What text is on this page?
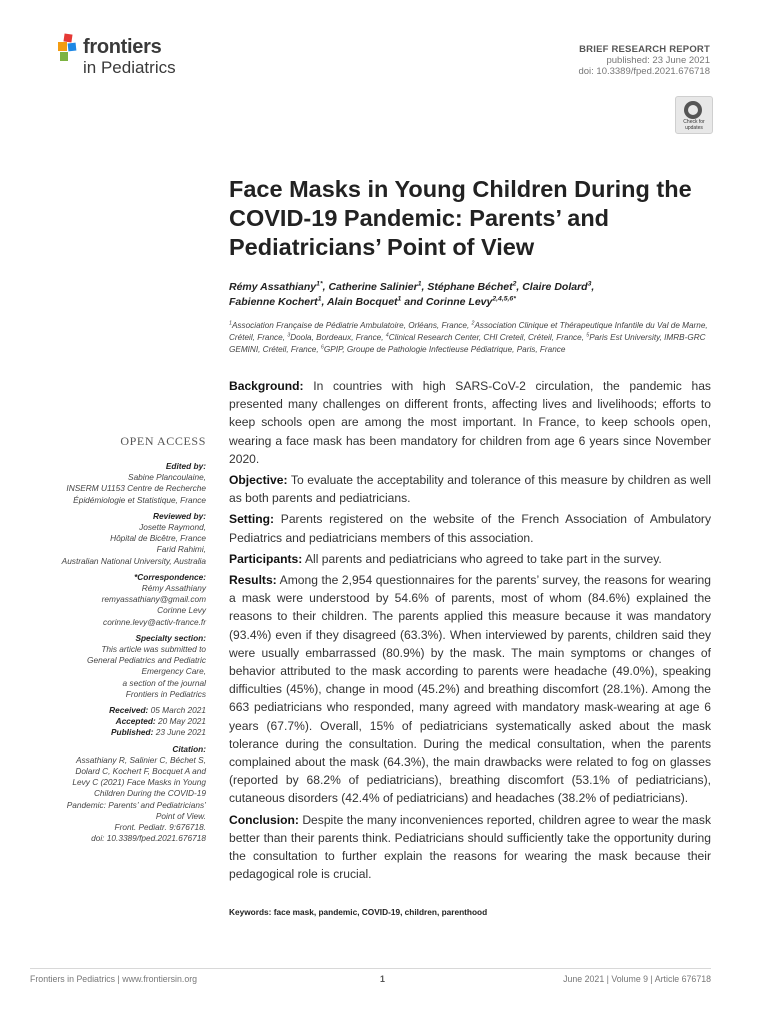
frontiers
in Pediatrics
BRIEF RESEARCH REPORT
published: 23 June 2021
doi: 10.3389/fped.2021.676718
Check for
updates
Face Masks in Young Children During the COVID-19 Pandemic: Parents’ and Pediatricians’ Point of View
Rémy Assathiany$^{1*}$, Catherine Salinier$^1$, Stéphane Béchet$^2$, Claire Dolard$^3$,
Fabienne Kochert$^1$, Alain Bocquet$^1$ and Corinne Levy$^{2,4,5,6*}$
$^1$Association Française de Pédiatrie Ambulatoire, Orléans, France, $^2$Association Clinique et Thérapeutique Infantile du Val de Marne, Créteil, France, $^3$Doola, Bordeaux, France, $^4$Clinical Research Center, CHI Creteil, Créteil, France, $^5$Paris Est University, IMRB-GRC GEMINI, Créteil, France, $^6$GPIP, Groupe de Pathologie Infectieuse Pédiatrique, Paris, France
OPEN ACCESS
Edited by:
Sabine Plancoulaine,
INSERM U1153 Centre de Recherche
Épidémiologie et Statistique, France
Reviewed by:
Josette Raymond,
Hôpital de Bicêtre, France
Farid Rahimi,
Australian National University, Australia
*Correspondence:
Rémy Assathiany
remyassathiany@gmail.com
Corinne Levy
corinne.levy@activ-france.fr
Specialty section:
This article was submitted to
General Pediatrics and Pediatric
Emergency Care,
a section of the journal
Frontiers in Pediatrics
Received: 05 March 2021
Accepted: 20 May 2021
Published: 23 June 2021
Citation:
Assathiany R, Salinier C, Béchet S,
Dolard C, Kochert F, Bocquet A and
Levy C (2021) Face Masks in Young
Children During the COVID-19
Pandemic: Parents’ and Pediatricians’
Point of View.
Front. Pediatr. 9:676718.
doi: 10.3389/fped.2021.676718

Background: In countries with high SARS-CoV-2 circulation, the pandemic has presented many challenges on different fronts, affecting lives and livelihoods; efforts to keep schools open are among the most important. In France, to keep schools open, wearing a face mask has been mandatory for children from age 6 years since November 2020.

Objective: To evaluate the acceptability and tolerance of this measure by children as well as both parents and pediatricians.

Setting: Parents registered on the website of the French Association of Ambulatory Pediatrics and pediatricians members of this association.

Participants: All parents and pediatricians who agreed to take part in the survey.

Results: Among the 2,954 questionnaires for the parents’ survey, the reasons for wearing a mask were understood by 54.6% of parents, most of whom (84.6%) explained the reasons to their children. The parents applied this measure because it was mandatory (93.4%) even if they disagreed (63.3%). When interviewed by parents, children said they were usually embarrassed (80.9%) by the mask. The main symptoms or changes of behavior attributed to the mask according to parents were headache (49.0%), speaking difficulties (45%), change in mood (45.2%) and breathing discomfort (28.1%). Among the 663 pediatricians who responded, many agreed with mandatory mask-wearing at age 6 years (67.7%). Overall, 15% of pediatricians systematically asked about the mask tolerance during the consultation. During the medical consultation, when the parents complained about the mask (64.3%), the main drawbacks were related to fog on glasses (reported by 68.2% of pediatricians), breathing discomfort (53.1% of pediatricians), cutaneous disorders (42.4% of pediatricians) and headaches (38.2% of pediatricians).

Conclusion: Despite the many inconveniences reported, children agree to wear the mask better than their parents think. Pediatricians should sufficiently take the opportunity during the consultation to further explain the reasons for wearing the mask because their pedagogical role is crucial.

Keywords: face mask, pandemic, COVID-19, children, parenthood
Frontiers in Pediatrics | www.frontiersin.org	1	June 2021 | Volume 9 | Article 676718
